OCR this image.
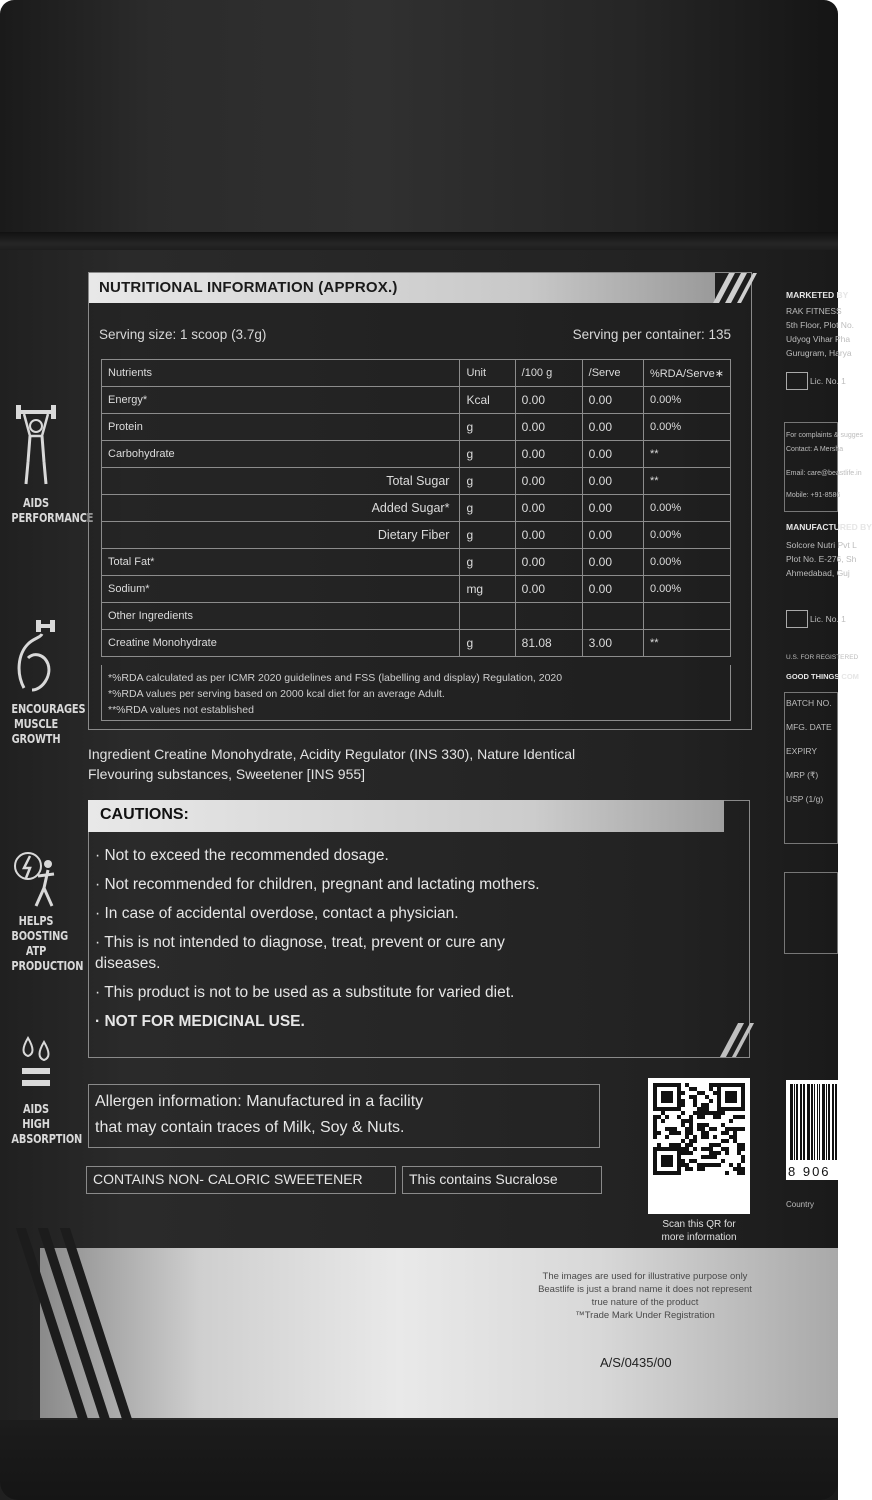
AIDS
PERFORMANCE
ENCOURAGES
MUSCLE GROWTH
HELPS BOOSTING
ATP PRODUCTION
AIDS HIGH
ABSORPTION
NUTRITIONAL INFORMATION (APPROX.)
Serving size: 1 scoop (3.7g)	Serving per container: 135
Nutrients	Unit	/100 g	/Serve	%RDA/Serve∗
Energy*	Kcal	0.00	0.00	0.00%
Protein	g	0.00	0.00	0.00%
Carbohydrate	g	0.00	0.00	**
Total Sugar	g	0.00	0.00	**
Added Sugar*	g	0.00	0.00	0.00%
Dietary Fiber	g	0.00	0.00	0.00%
Total Fat*	g	0.00	0.00	0.00%
Sodium*	mg	0.00	0.00	0.00%
Other Ingredients				
Creatine Monohydrate	g	81.08	3.00	**
*%RDA calculated as per ICMR 2020 guidelines and FSS (labelling and display) Regulation, 2020
*%RDA values per serving based on 2000 kcal diet for an average Adult.
**%RDA values not established
Ingredient Creatine Monohydrate, Acidity Regulator (INS 330), Nature Identical
Flevouring substances, Sweetener [INS 955]
CAUTIONS:
· Not to exceed the recommended dosage.
· Not recommended for children, pregnant and lactating mothers.
· In case of accidental overdose, contact a physician.
· This is not intended to diagnose, treat, prevent or cure any
diseases.
· This product is not to be used as a substitute for varied diet.
· NOT FOR MEDICINAL USE.
Allergen information: Manufactured in a facility
that may contain traces of Milk, Soy & Nuts.
CONTAINS NON- CALORIC SWEETENER	This contains Sucralose
Scan this QR for
more information
MARKETED BY
RAK FITNESS
5th Floor, Plot No.
Udyog Vihar Pha
Gurugram, Harya
Lic. No. 1
For complaints & sugges
Contact: A Mersha
Email: care@beastlife.in
Mobile: +91-8586
MANUFACTURED BY
Solcore Nutri Pvt L
Plot No. E-276, Sh
Ahmedabad, Guj
Lic. No. 1
U.S. FOR REGISTERED
GOOD THINGS COM
BATCH NO.
MFG. DATE
EXPIRY
MRP (₹)
USP (1/g)
Country
8 906
The images are used for illustrative purpose only
Beastlife is just a brand name it does not represent
true nature of the product
™Trade Mark Under Registration
A/S/0435/00
